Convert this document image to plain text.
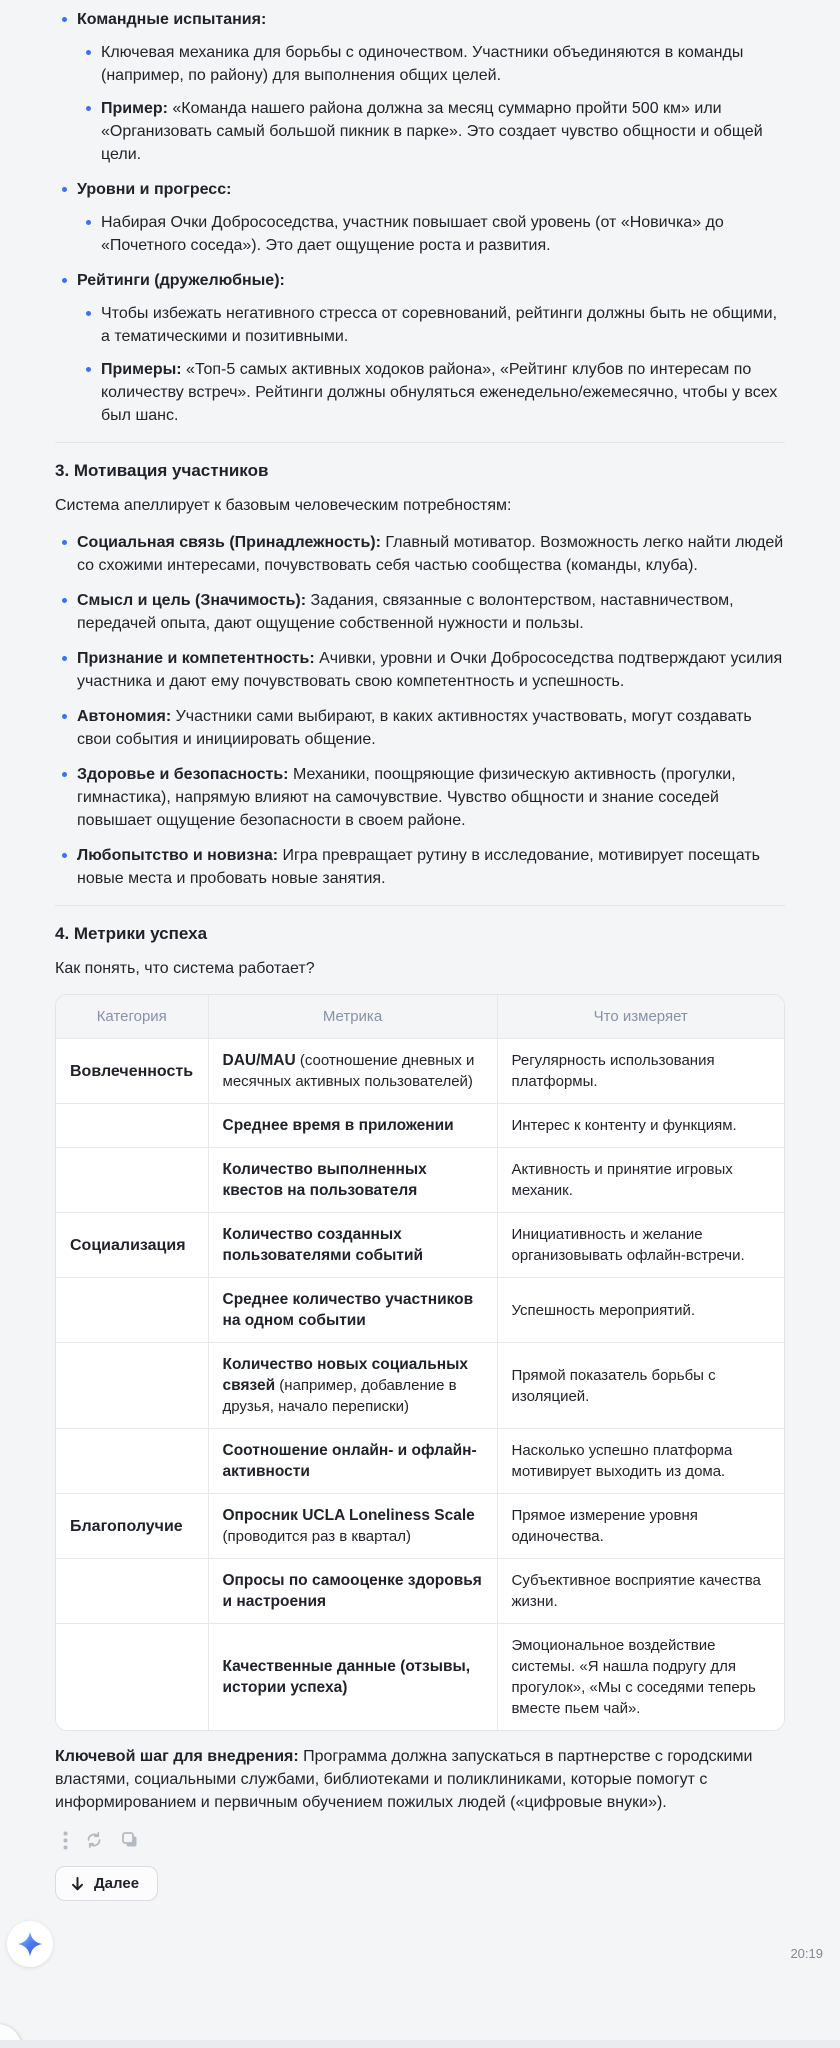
Командные испытания:
Ключевая механика для борьбы с одиночеством. Участники объединяются в команды (например, по району) для выполнения общих целей.
Пример: «Команда нашего района должна за месяц суммарно пройти 500 км» или «Организовать самый большой пикник в парке». Это создает чувство общности и общей цели.
Уровни и прогресс:
Набирая Очки Добрососедства, участник повышает свой уровень (от «Новичка» до «Почетного соседа»). Это дает ощущение роста и развития.
Рейтинги (дружелюбные):
Чтобы избежать негативного стресса от соревнований, рейтинги должны быть не общими, а тематическими и позитивными.
Примеры: «Топ-5 самых активных ходоков района», «Рейтинг клубов по интересам по количеству встреч». Рейтинги должны обнуляться еженедельно/ежемесячно, чтобы у всех был шанс.
3. Мотивация участников

Система апеллирует к базовым человеческим потребностям:

Социальная связь (Принадлежность): Главный мотиватор. Возможность легко найти людей со схожими интересами, почувствовать себя частью сообщества (команды, клуба).
Смысл и цель (Значимость): Задания, связанные с волонтерством, наставничеством, передачей опыта, дают ощущение собственной нужности и пользы.
Признание и компетентность: Ачивки, уровни и Очки Добрососедства подтверждают усилия участника и дают ему почувствовать свою компетентность и успешность.
Автономия: Участники сами выбирают, в каких активностях участвовать, могут создавать свои события и инициировать общение.
Здоровье и безопасность: Механики, поощряющие физическую активность (прогулки, гимнастика), напрямую влияют на самочувствие. Чувство общности и знание соседей повышает ощущение безопасности в своем районе.
Любопытство и новизна: Игра превращает рутину в исследование, мотивирует посещать новые места и пробовать новые занятия.
4. Метрики успеха

Как понять, что система работает?

Категория	Метрика	Что измеряет
Вовлеченность	DAU/MAU (соотношение дневных и месячных активных пользователей)	Регулярность использования платформы.
	Среднее время в приложении	Интерес к контенту и функциям.
	Количество выполненных квестов на пользователя	Активность и принятие игровых механик.
Социализация	Количество созданных пользователями событий	Инициативность и желание организовывать офлайн-встречи.
	Среднее количество участников на одном событии	Успешность мероприятий.
	Количество новых социальных связей (например, добавление в друзья, начало переписки)	Прямой показатель борьбы с изоляцией.
	Соотношение онлайн- и офлайн-активности	Насколько успешно платформа мотивирует выходить из дома.
Благополучие	Опросник UCLA Loneliness Scale (проводится раз в квартал)	Прямое измерение уровня одиночества.
	Опросы по самооценке здоровья и настроения	Субъективное восприятие качества жизни.
	Качественные данные (отзывы, истории успеха)	Эмоциональное воздействие системы. «Я нашла подругу для прогулок», «Мы с соседями теперь вместе пьем чай».

Ключевой шаг для внедрения: Программа должна запускаться в партнерстве с городскими властями, социальными службами, библиотеками и поликлиниками, которые помогут с информированием и первичным обучением пожилых людей («цифровые внуки»).

Далее
20:19
